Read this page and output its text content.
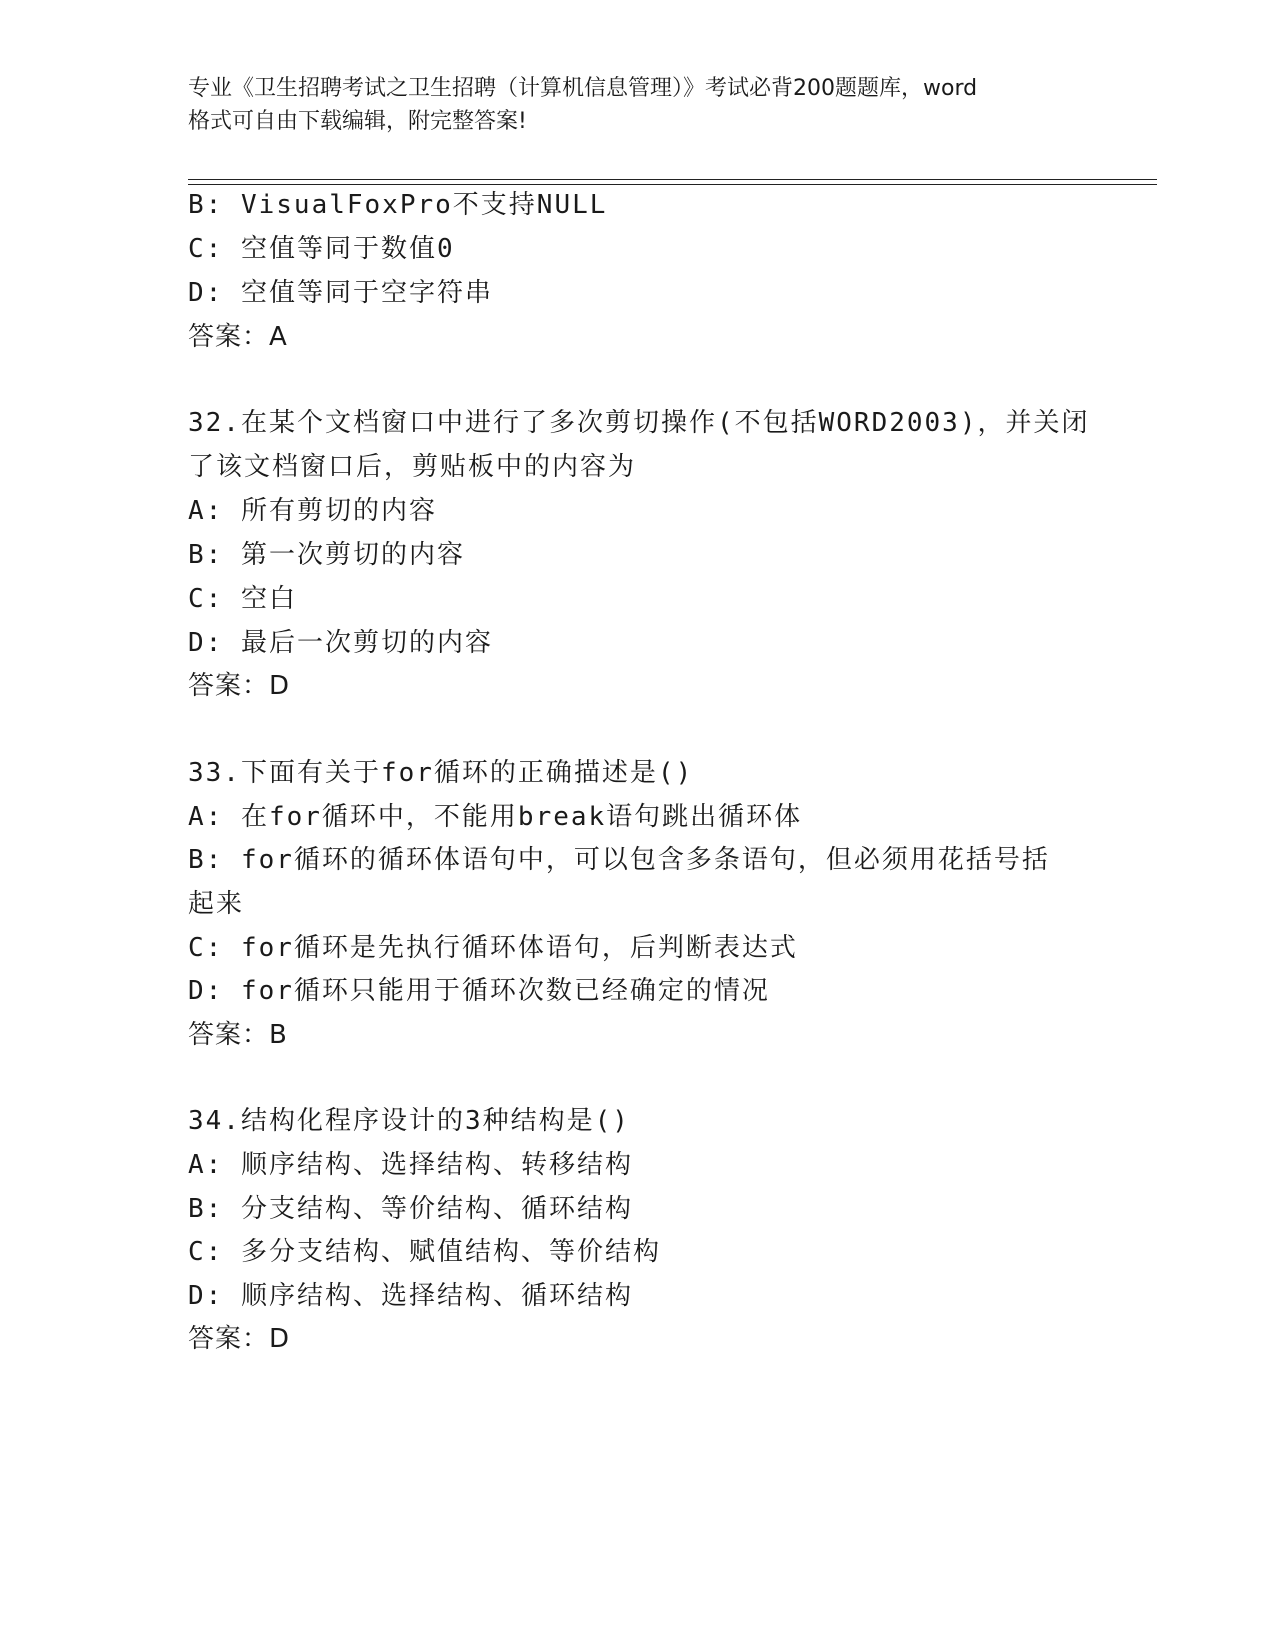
专业《卫生招聘考试之卫生招聘（计算机信息管理）》考试必背200题题库，word
格式可自由下载编辑，附完整答案!
B: VisualFoxPro不支持NULL
C: 空值等同于数值0
D: 空值等同于空字符串
答案：A
32.在某个文档窗口中进行了多次剪切操作(不包括WORD2003)，并关闭
了该文档窗口后，剪贴板中的内容为
A: 所有剪切的内容
B: 第一次剪切的内容
C: 空白
D: 最后一次剪切的内容
答案：D
33.下面有关于for循环的正确描述是()
A: 在for循环中，不能用break语句跳出循环体
B: for循环的循环体语句中，可以包含多条语句，但必须用花括号括
起来
C: for循环是先执行循环体语句，后判断表达式
D: for循环只能用于循环次数已经确定的情况
答案：B
34.结构化程序设计的3种结构是()
A: 顺序结构、选择结构、转移结构
B: 分支结构、等价结构、循环结构
C: 多分支结构、赋值结构、等价结构
D: 顺序结构、选择结构、循环结构
答案：D
